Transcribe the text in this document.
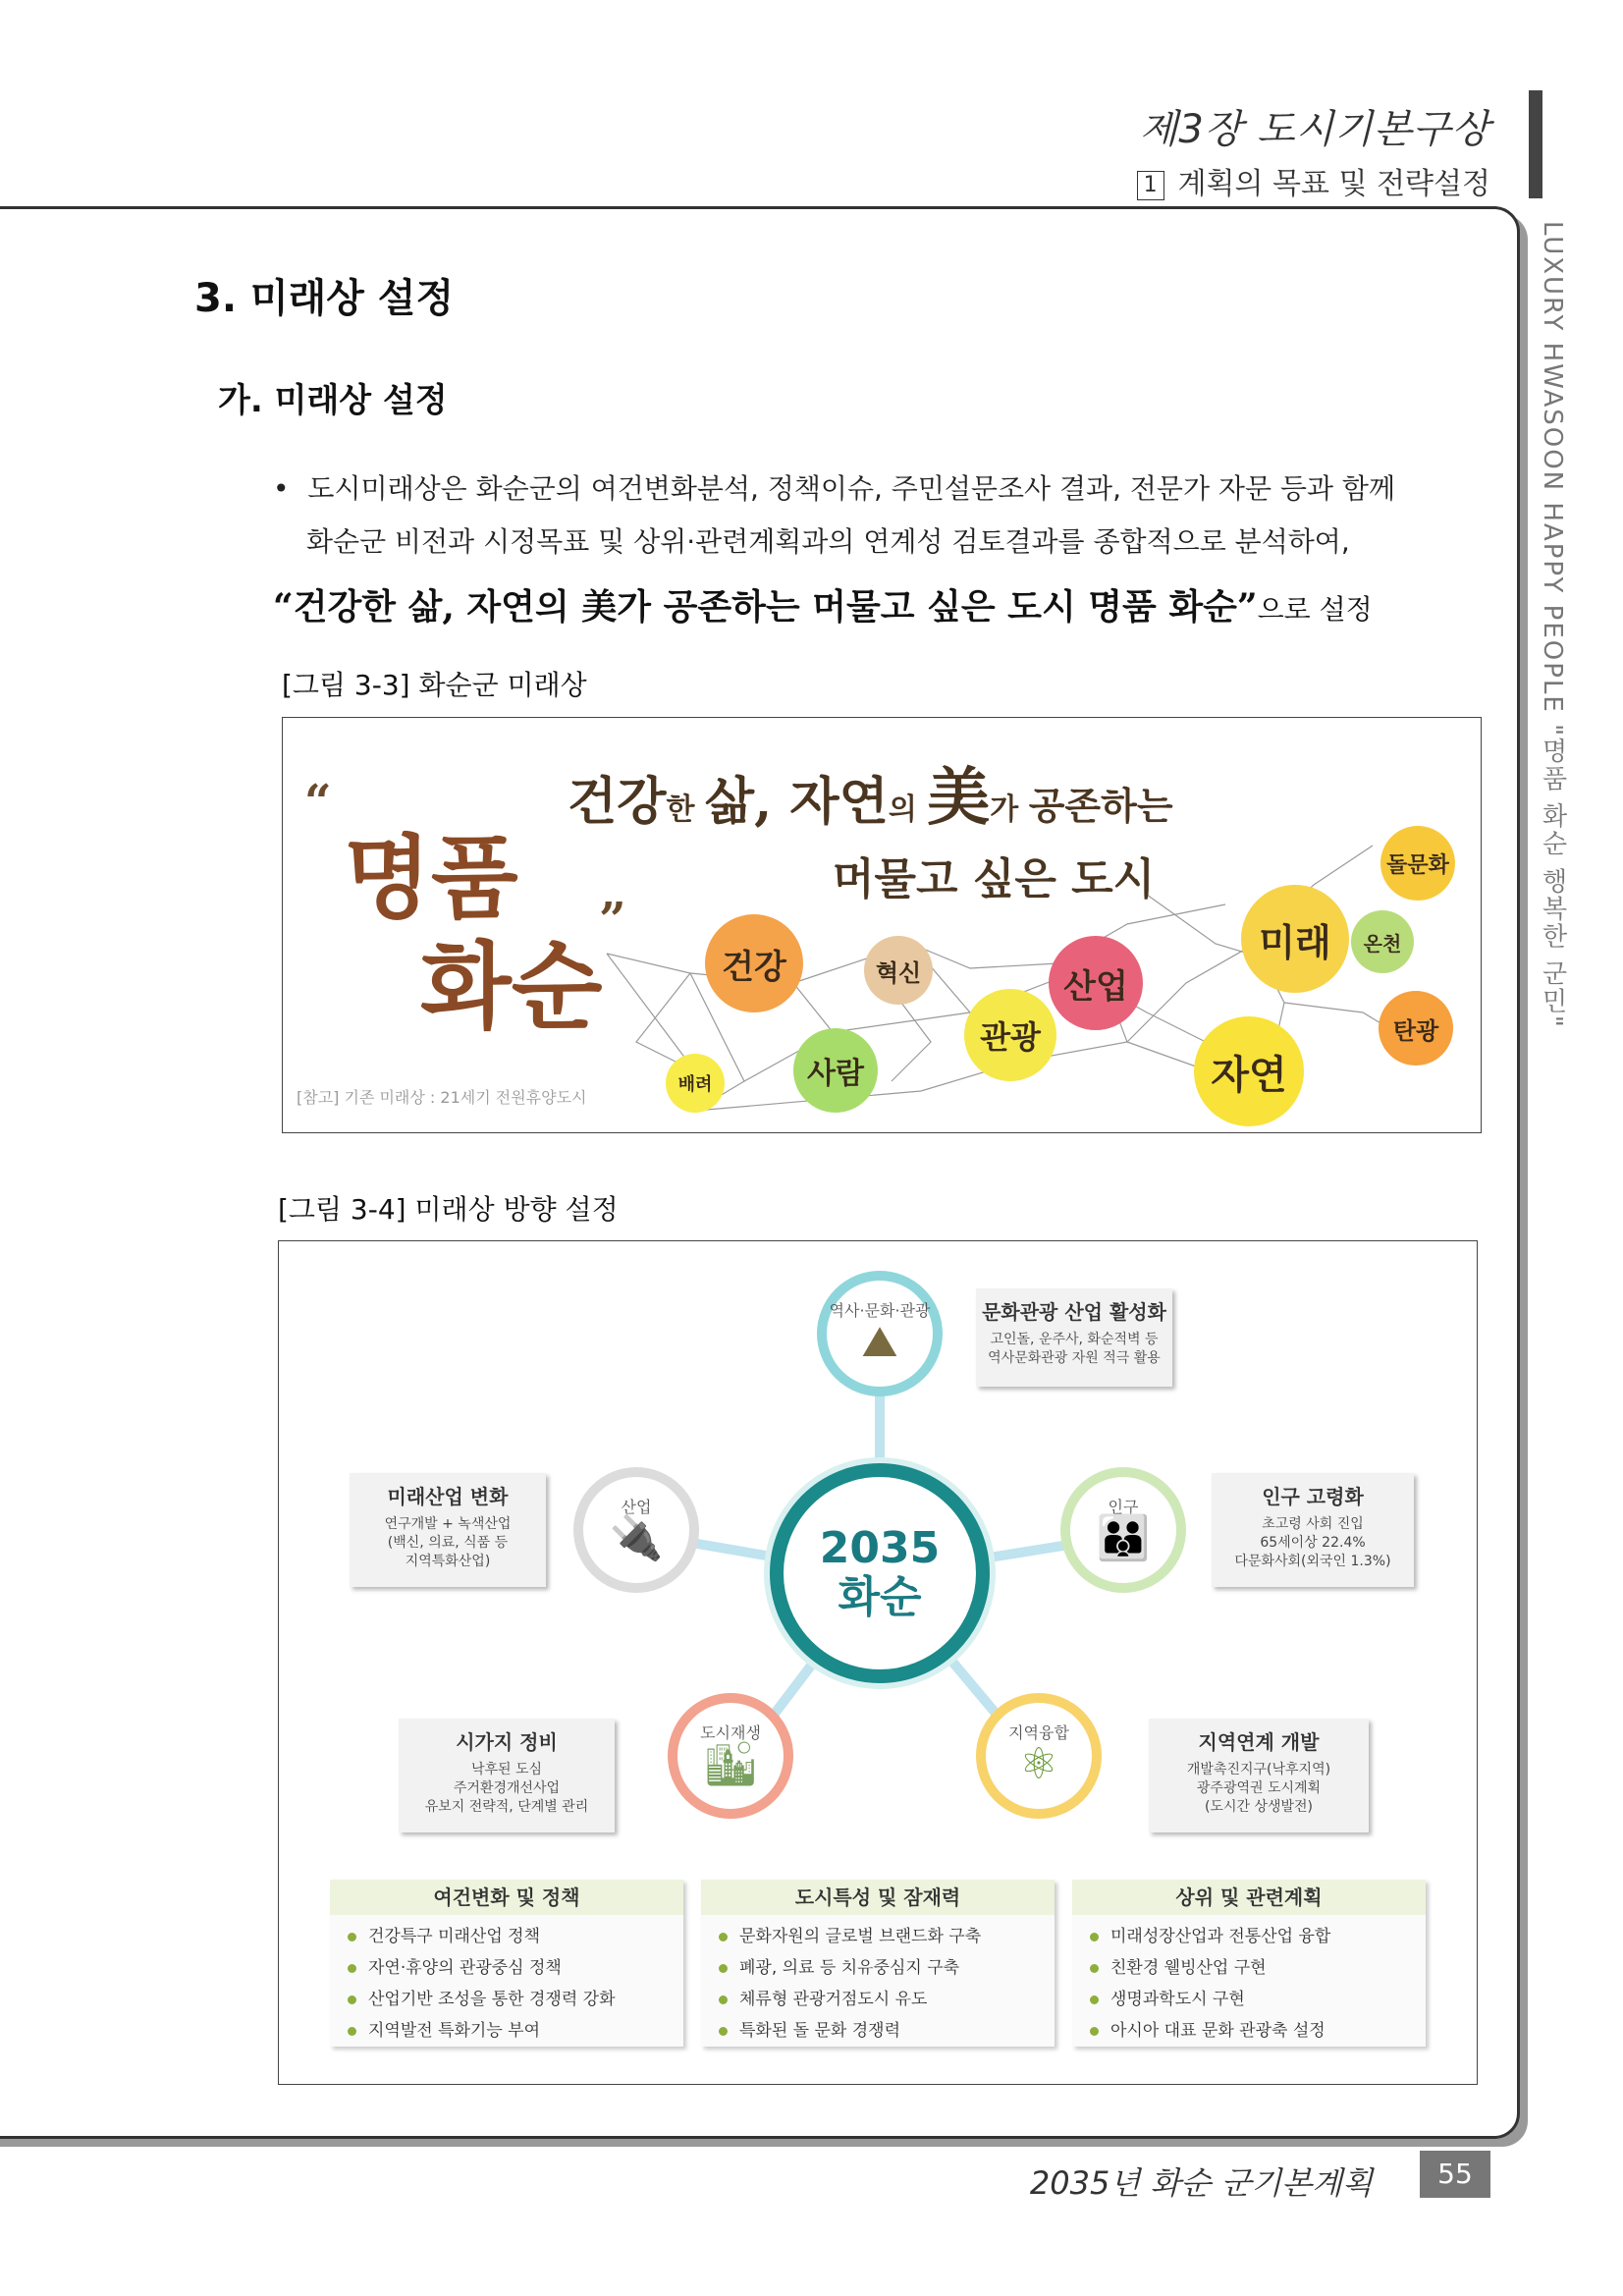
제3장 도시기본구상
1 계획의 목표 및 전략설정
LUXURY HWASOON HAPPY PEOPLE "명품 화순 행복한 군민"
3. 미래상 설정
가. 미래상 설정
• 도시미래상은 화순군의 여건변화분석, 정책이슈, 주민설문조사 결과, 전문가 자문 등과 함께
화순군 비전과 시정목표 및 상위·관련계획과의 연계성 검토결과를 종합적으로 분석하여,
“건강한 삶, 자연의 美가 공존하는 머물고 싶은 도시 명품 화순”으로 설정
[그림 3-3] 화순군 미래상
“
명품
화순
”
건강한 삶, 자연의 美가 공존하는
머물고 싶은 도시
건강	혁신	산업
미래	온천
돌문화
탄광
관광
사람
배려	자연
[참고] 기존 미래상 : 21세기 전원휴양도시
[그림 3-4] 미래상 방향 설정
2035
화순
역사·문화·관광
⛰
산업
🔌
인구
👪
도시재생
🏙
지역융합
⚛
문화관광 산업 활성화
고인돌, 운주사, 화순적벽 등
역사문화관광 자원 적극 활용
미래산업 변화
연구개발 + 녹색산업
(백신, 의료, 식품 등
지역특화산업)
인구 고령화
초고령 사회 진입
65세이상 22.4%
다문화사회(외국인 1.3%)
시가지 정비
낙후된 도심
주거환경개선사업
유보지 전략적, 단계별 관리
지역연계 개발
개발촉진지구(낙후지역)
광주광역권 도시계획
(도시간 상생발전)
여건변화 및 정책
건강특구 미래산업 정책
자연·휴양의 관광중심 정책
산업기반 조성을 통한 경쟁력 강화
지역발전 특화기능 부여
도시특성 및 잠재력
문화자원의 글로벌 브랜드화 구축
폐광, 의료 등 치유중심지 구축
체류형 관광거점도시 유도
특화된 돌 문화 경쟁력
상위 및 관련계획
미래성장산업과 전통산업 융합
친환경 웰빙산업 구현
생명과학도시 구현
아시아 대표 문화 관광축 설정
2035년 화순 군기본계획	55
